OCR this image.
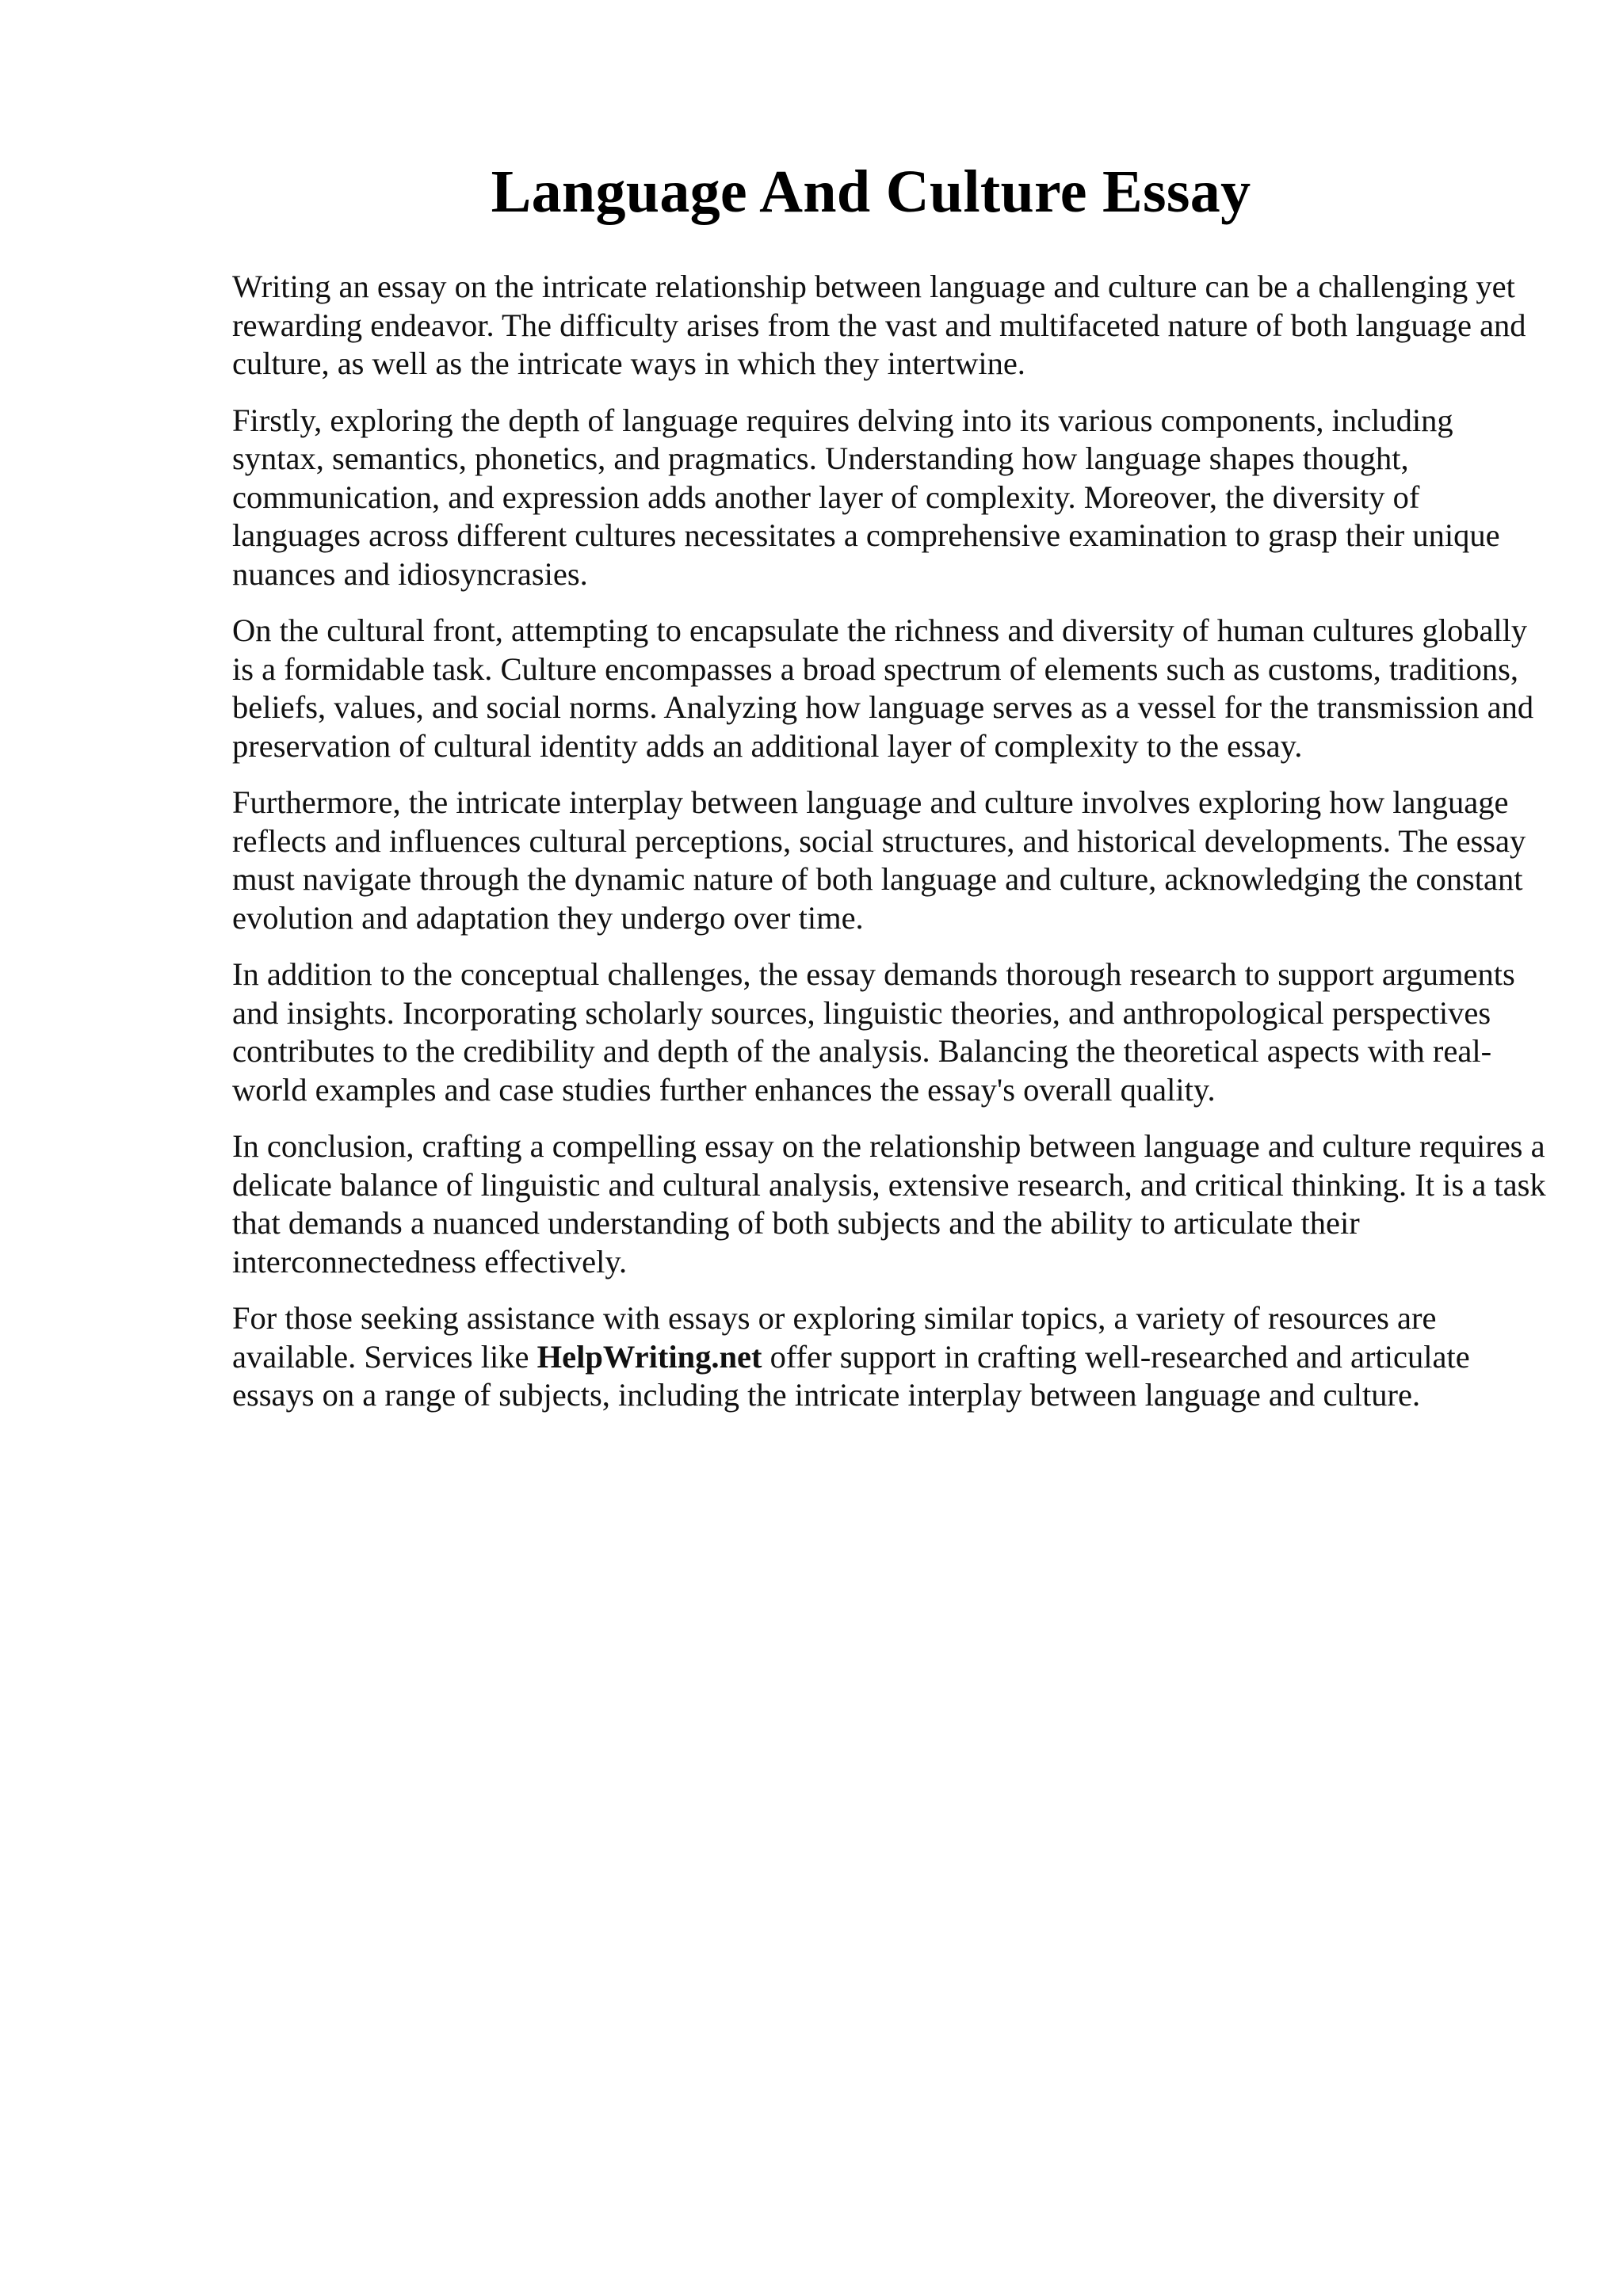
Language And Culture Essay

Writing an essay on the intricate relationship between language and culture can be a challenging yet rewarding endeavor. The difficulty arises from the vast and multifaceted nature of both language and culture, as well as the intricate ways in which they intertwine.

Firstly, exploring the depth of language requires delving into its various components, including syntax, semantics, phonetics, and pragmatics. Understanding how language shapes thought, communication, and expression adds another layer of complexity. Moreover, the diversity of languages across different cultures necessitates a comprehensive examination to grasp their unique nuances and idiosyncrasies.

On the cultural front, attempting to encapsulate the richness and diversity of human cultures globally is a formidable task. Culture encompasses a broad spectrum of elements such as customs, traditions, beliefs, values, and social norms. Analyzing how language serves as a vessel for the transmission and preservation of cultural identity adds an additional layer of complexity to the essay.

Furthermore, the intricate interplay between language and culture involves exploring how language reflects and influences cultural perceptions, social structures, and historical developments. The essay must navigate through the dynamic nature of both language and culture, acknowledging the constant evolution and adaptation they undergo over time.

In addition to the conceptual challenges, the essay demands thorough research to support arguments and insights. Incorporating scholarly sources, linguistic theories, and anthropological perspectives contributes to the credibility and depth of the analysis. Balancing the theoretical aspects with real-world examples and case studies further enhances the essay's overall quality.

In conclusion, crafting a compelling essay on the relationship between language and culture requires a delicate balance of linguistic and cultural analysis, extensive research, and critical thinking. It is a task that demands a nuanced understanding of both subjects and the ability to articulate their interconnectedness effectively.

For those seeking assistance with essays or exploring similar topics, a variety of resources are available. Services like HelpWriting.net offer support in crafting well-researched and articulate essays on a range of subjects, including the intricate interplay between language and culture.
